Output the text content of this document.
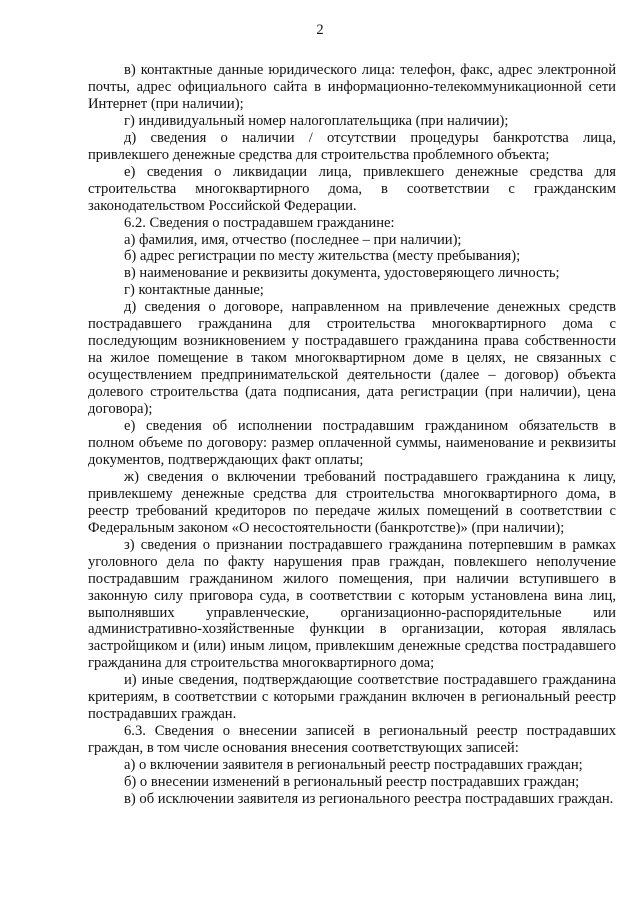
2

в) контактные данные юридического лица: телефон, факс, адрес электронной почты, адрес официального сайта в информационно-телекоммуникационной сети Интернет (при наличии);

г) индивидуальный номер налогоплательщика (при наличии);

д) сведения о наличии / отсутствии процедуры банкротства лица, привлекшего денежные средства для строительства проблемного объекта;

е) сведения о ликвидации лица, привлекшего денежные средства для строительства многоквартирного дома, в соответствии с гражданским законодательством Российской Федерации.

6.2. Сведения о пострадавшем гражданине:

а) фамилия, имя, отчество (последнее – при наличии);

б) адрес регистрации по месту жительства (месту пребывания);

в) наименование и реквизиты документа, удостоверяющего личность;

г) контактные данные;

д) сведения о договоре, направленном на привлечение денежных средств пострадавшего гражданина для строительства многоквартирного дома с последующим возникновением у пострадавшего гражданина права собственности на жилое помещение в таком многоквартирном доме в целях, не связанных с осуществлением предпринимательской деятельности (далее – договор) объекта долевого строительства (дата подписания, дата регистрации (при наличии), цена договора);

е) сведения об исполнении пострадавшим гражданином обязательств в полном объеме по договору: размер оплаченной суммы, наименование и реквизиты документов, подтверждающих факт оплаты;

ж) сведения о включении требований пострадавшего гражданина к лицу, привлекшему денежные средства для строительства многоквартирного дома, в реестр требований кредиторов по передаче жилых помещений в соответствии с Федеральным законом «О несостоятельности (банкротстве)» (при наличии);

з) сведения о признании пострадавшего гражданина потерпевшим в рамках уголовного дела по факту нарушения прав граждан, повлекшего неполучение пострадавшим гражданином жилого помещения, при наличии вступившего в законную силу приговора суда, в соответствии с которым установлена вина лиц, выполнявших управленческие, организационно-распорядительные или административно-хозяйственные функции в организации, которая являлась застройщиком и (или) иным лицом, привлекшим денежные средства пострадавшего гражданина для строительства многоквартирного дома;

и) иные сведения, подтверждающие соответствие пострадавшего гражданина критериям, в соответствии с которыми гражданин включен в региональный реестр пострадавших граждан.

6.3. Сведения о внесении записей в региональный реестр пострадавших граждан, в том числе основания внесения соответствующих записей:

а) о включении заявителя в региональный реестр пострадавших граждан;

б) о внесении изменений в региональный реестр пострадавших граждан;

в) об исключении заявителя из регионального реестра пострадавших граждан.
